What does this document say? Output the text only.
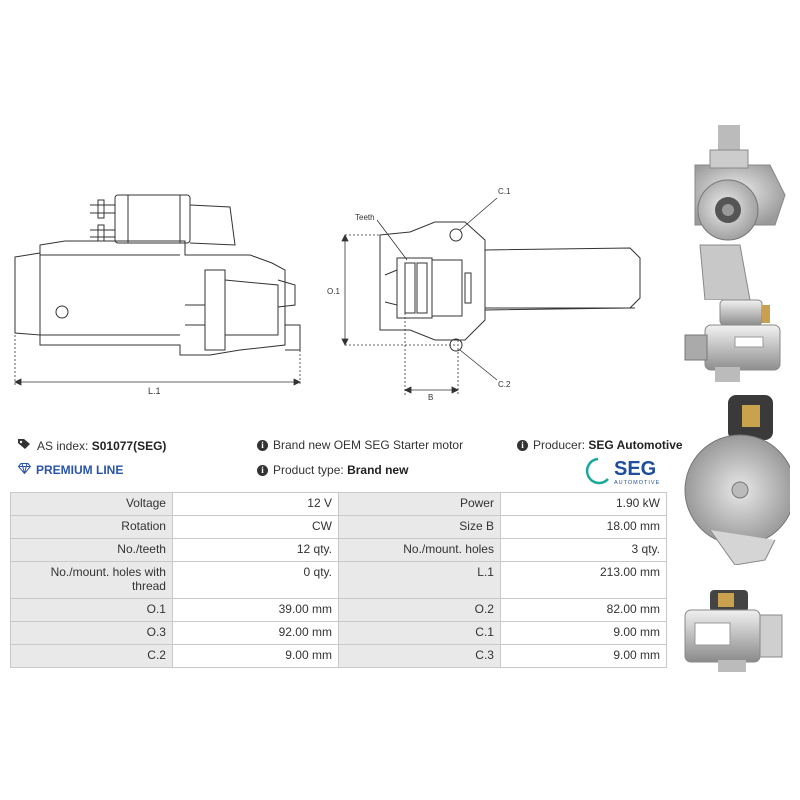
L.1
Teeth
O.1
B
C.1
C.2
AS index:
S01077(SEG)	i Brand new OEM SEG Starter motor	i Producer:
SEG Automotive
PREMIUM LINE	i Product type:
Brand new	SEG
AUTOMOTIVE
Voltage	12 V	Power	1.90 kW
Rotation	CW	Size B	18.00 mm
No./teeth	12 qty.	No./mount. holes	3 qty.
No./mount. holes with thread	0 qty.	L.1	213.00 mm
O.1	39.00 mm	O.2	82.00 mm
O.3	92.00 mm	C.1	9.00 mm
C.2	9.00 mm	C.3	9.00 mm
